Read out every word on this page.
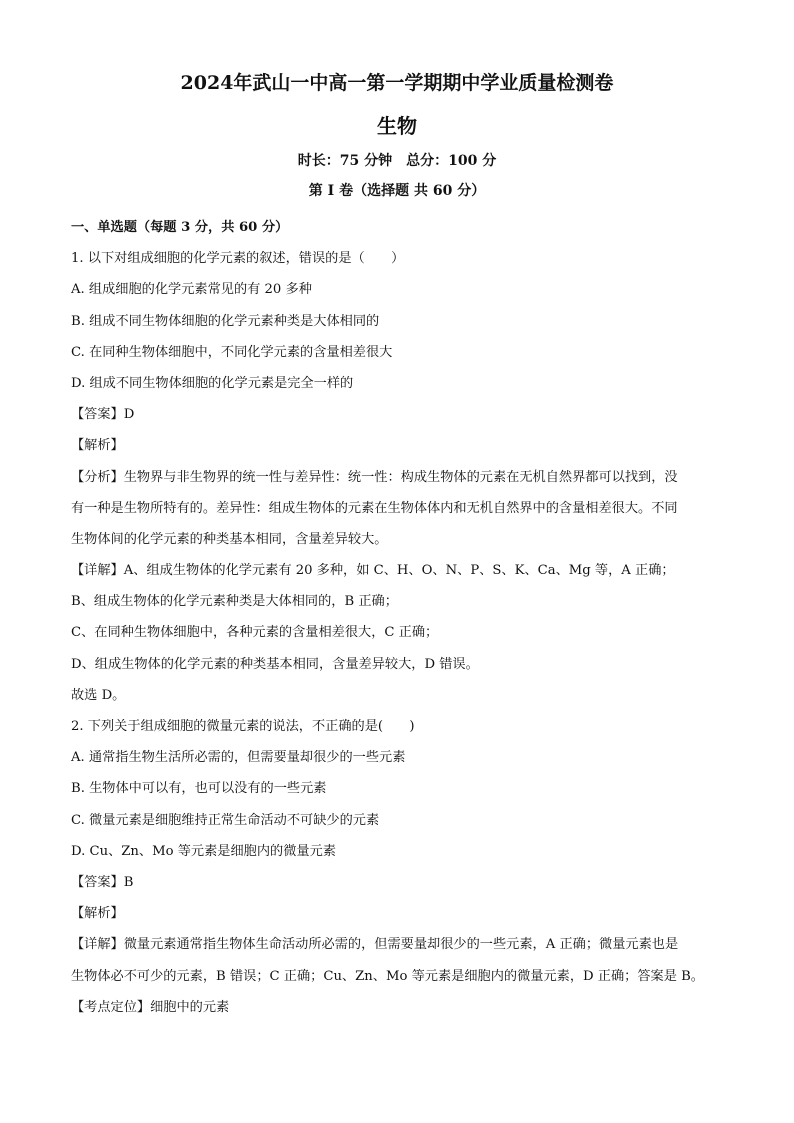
2024年武山一中高一第一学期期中学业质量检测卷
生物
时长：75 分钟　总分：100 分
第 I 卷（选择题 共 60 分）
一、单选题（每题 3 分，共 60 分）
1. 以下对组成细胞的化学元素的叙述，错误的是（　　）
A. 组成细胞的化学元素常见的有 20 多种
B. 组成不同生物体细胞的化学元素种类是大体相同的
C. 在同种生物体细胞中，不同化学元素的含量相差很大
D. 组成不同生物体细胞的化学元素是完全一样的
【答案】D
【解析】
【分析】生物界与非生物界的统一性与差异性：统一性：构成生物体的元素在无机自然界都可以找到，没
有一种是生物所特有的。差异性：组成生物体的元素在生物体体内和无机自然界中的含量相差很大。不同
生物体间的化学元素的种类基本相同，含量差异较大。
【详解】A、组成生物体的化学元素有 20 多种，如 C、H、O、N、P、S、K、Ca、Mg 等，A 正确；
B、组成生物体的化学元素种类是大体相同的，B 正确；
C、在同种生物体细胞中，各种元素的含量相差很大，C 正确；
D、组成生物体的化学元素的种类基本相同，含量差异较大，D 错误。
故选 D。
2. 下列关于组成细胞的微量元素的说法，不正确的是(　　)
A. 通常指生物生活所必需的，但需要量却很少的一些元素
B. 生物体中可以有，也可以没有的一些元素
C. 微量元素是细胞维持正常生命活动不可缺少的元素
D. Cu、Zn、Mo 等元素是细胞内的微量元素
【答案】B
【解析】
【详解】微量元素通常指生物体生命活动所必需的，但需要量却很少的一些元素，A 正确；微量元素也是
生物体必不可少的元素，B 错误；C 正确；Cu、Zn、Mo 等元素是细胞内的微量元素，D 正确；答案是 B。
【考点定位】细胞中的元素
